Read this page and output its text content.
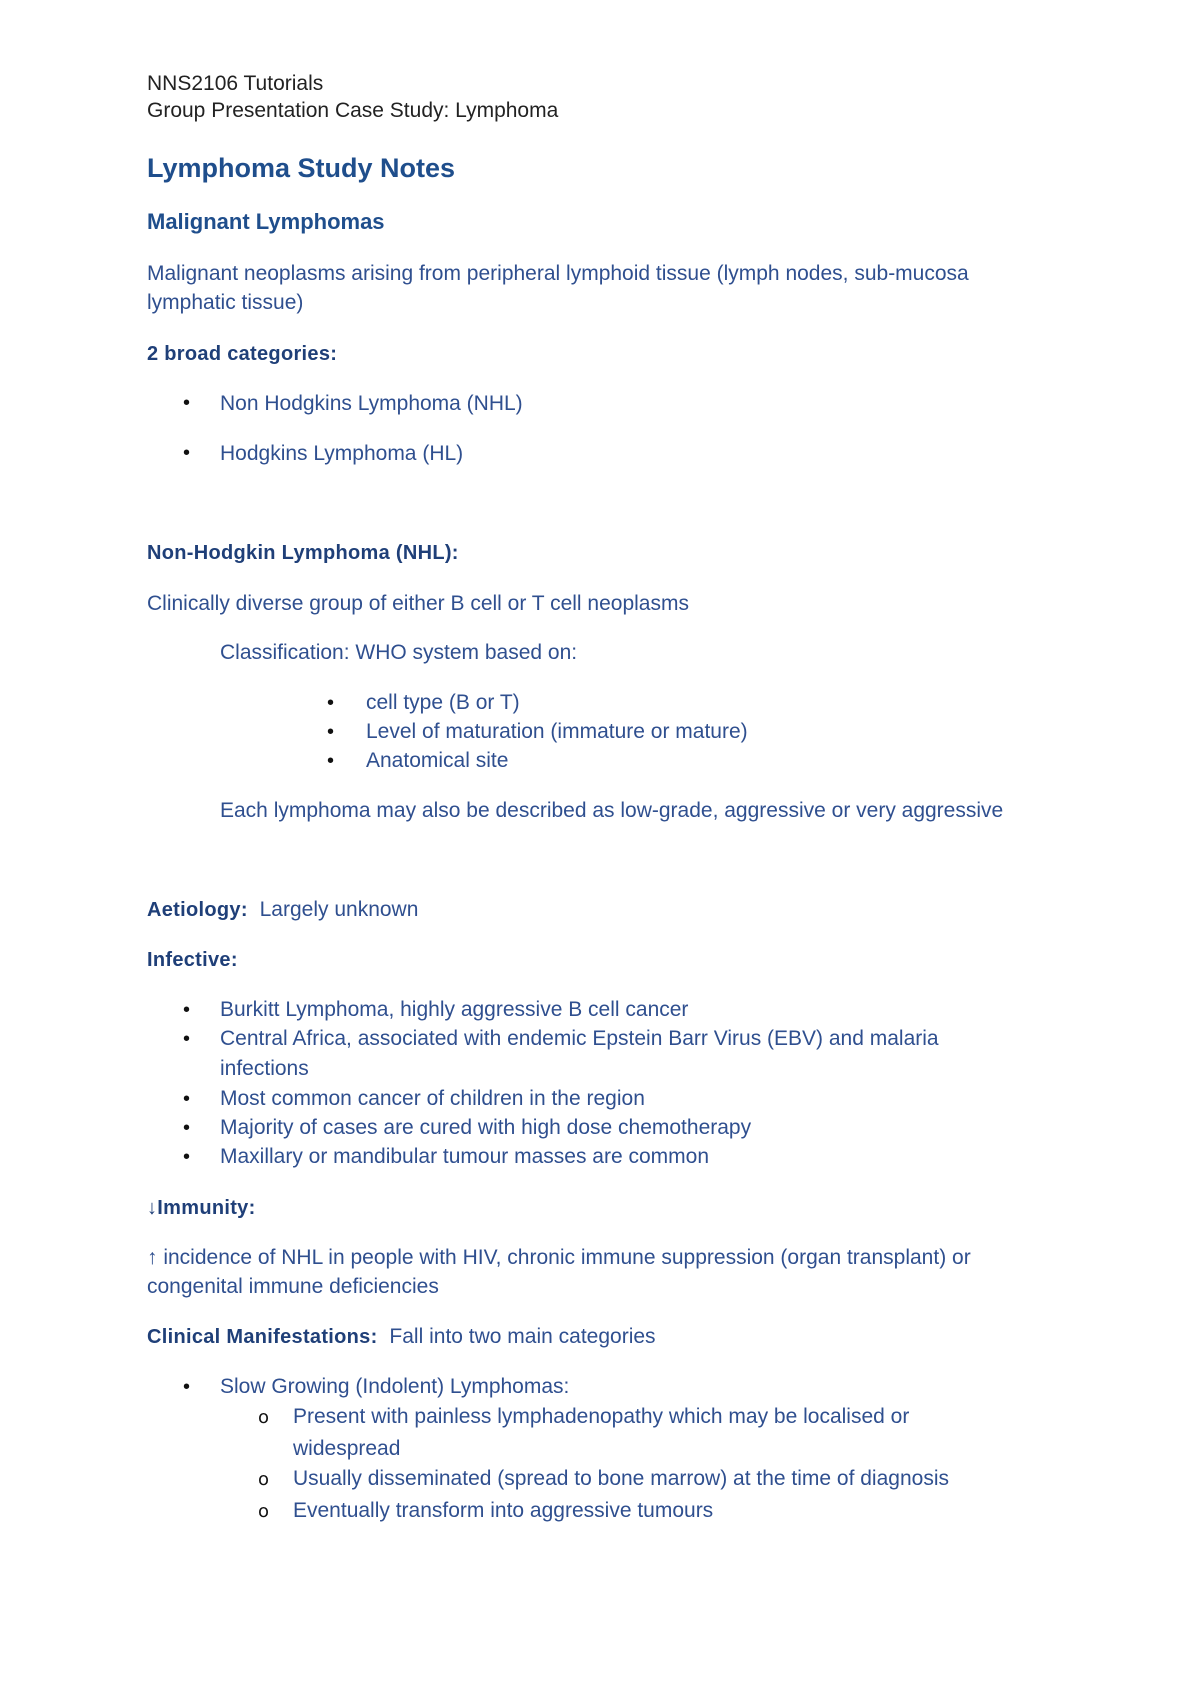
NNS2106 Tutorials
Group Presentation Case Study: Lymphoma
Lymphoma Study Notes
Malignant Lymphomas
Malignant neoplasms arising from peripheral lymphoid tissue (lymph nodes, sub-mucosa
lymphatic tissue)
2 broad categories:
• Non Hodgkins Lymphoma (NHL)
• Hodgkins Lymphoma (HL)
Non-Hodgkin Lymphoma (NHL):
Clinically diverse group of either B cell or T cell neoplasms
Classification: WHO system based on:
• cell type (B or T)
• Level of maturation (immature or mature)
• Anatomical site
Each lymphoma may also be described as low-grade, aggressive or very aggressive
Aetiology: Largely unknown
Infective:
• Burkitt Lymphoma, highly aggressive B cell cancer
• Central Africa, associated with endemic Epstein Barr Virus (EBV) and malaria
infections
• Most common cancer of children in the region
• Majority of cases are cured with high dose chemotherapy
• Maxillary or mandibular tumour masses are common
↓Immunity:
↑ incidence of NHL in people with HIV, chronic immune suppression (organ transplant) or
congenital immune deficiencies
Clinical Manifestations: Fall into two main categories
• Slow Growing (Indolent) Lymphomas:
o Present with painless lymphadenopathy which may be localised or
widespread
o Usually disseminated (spread to bone marrow) at the time of diagnosis
o Eventually transform into aggressive tumours
